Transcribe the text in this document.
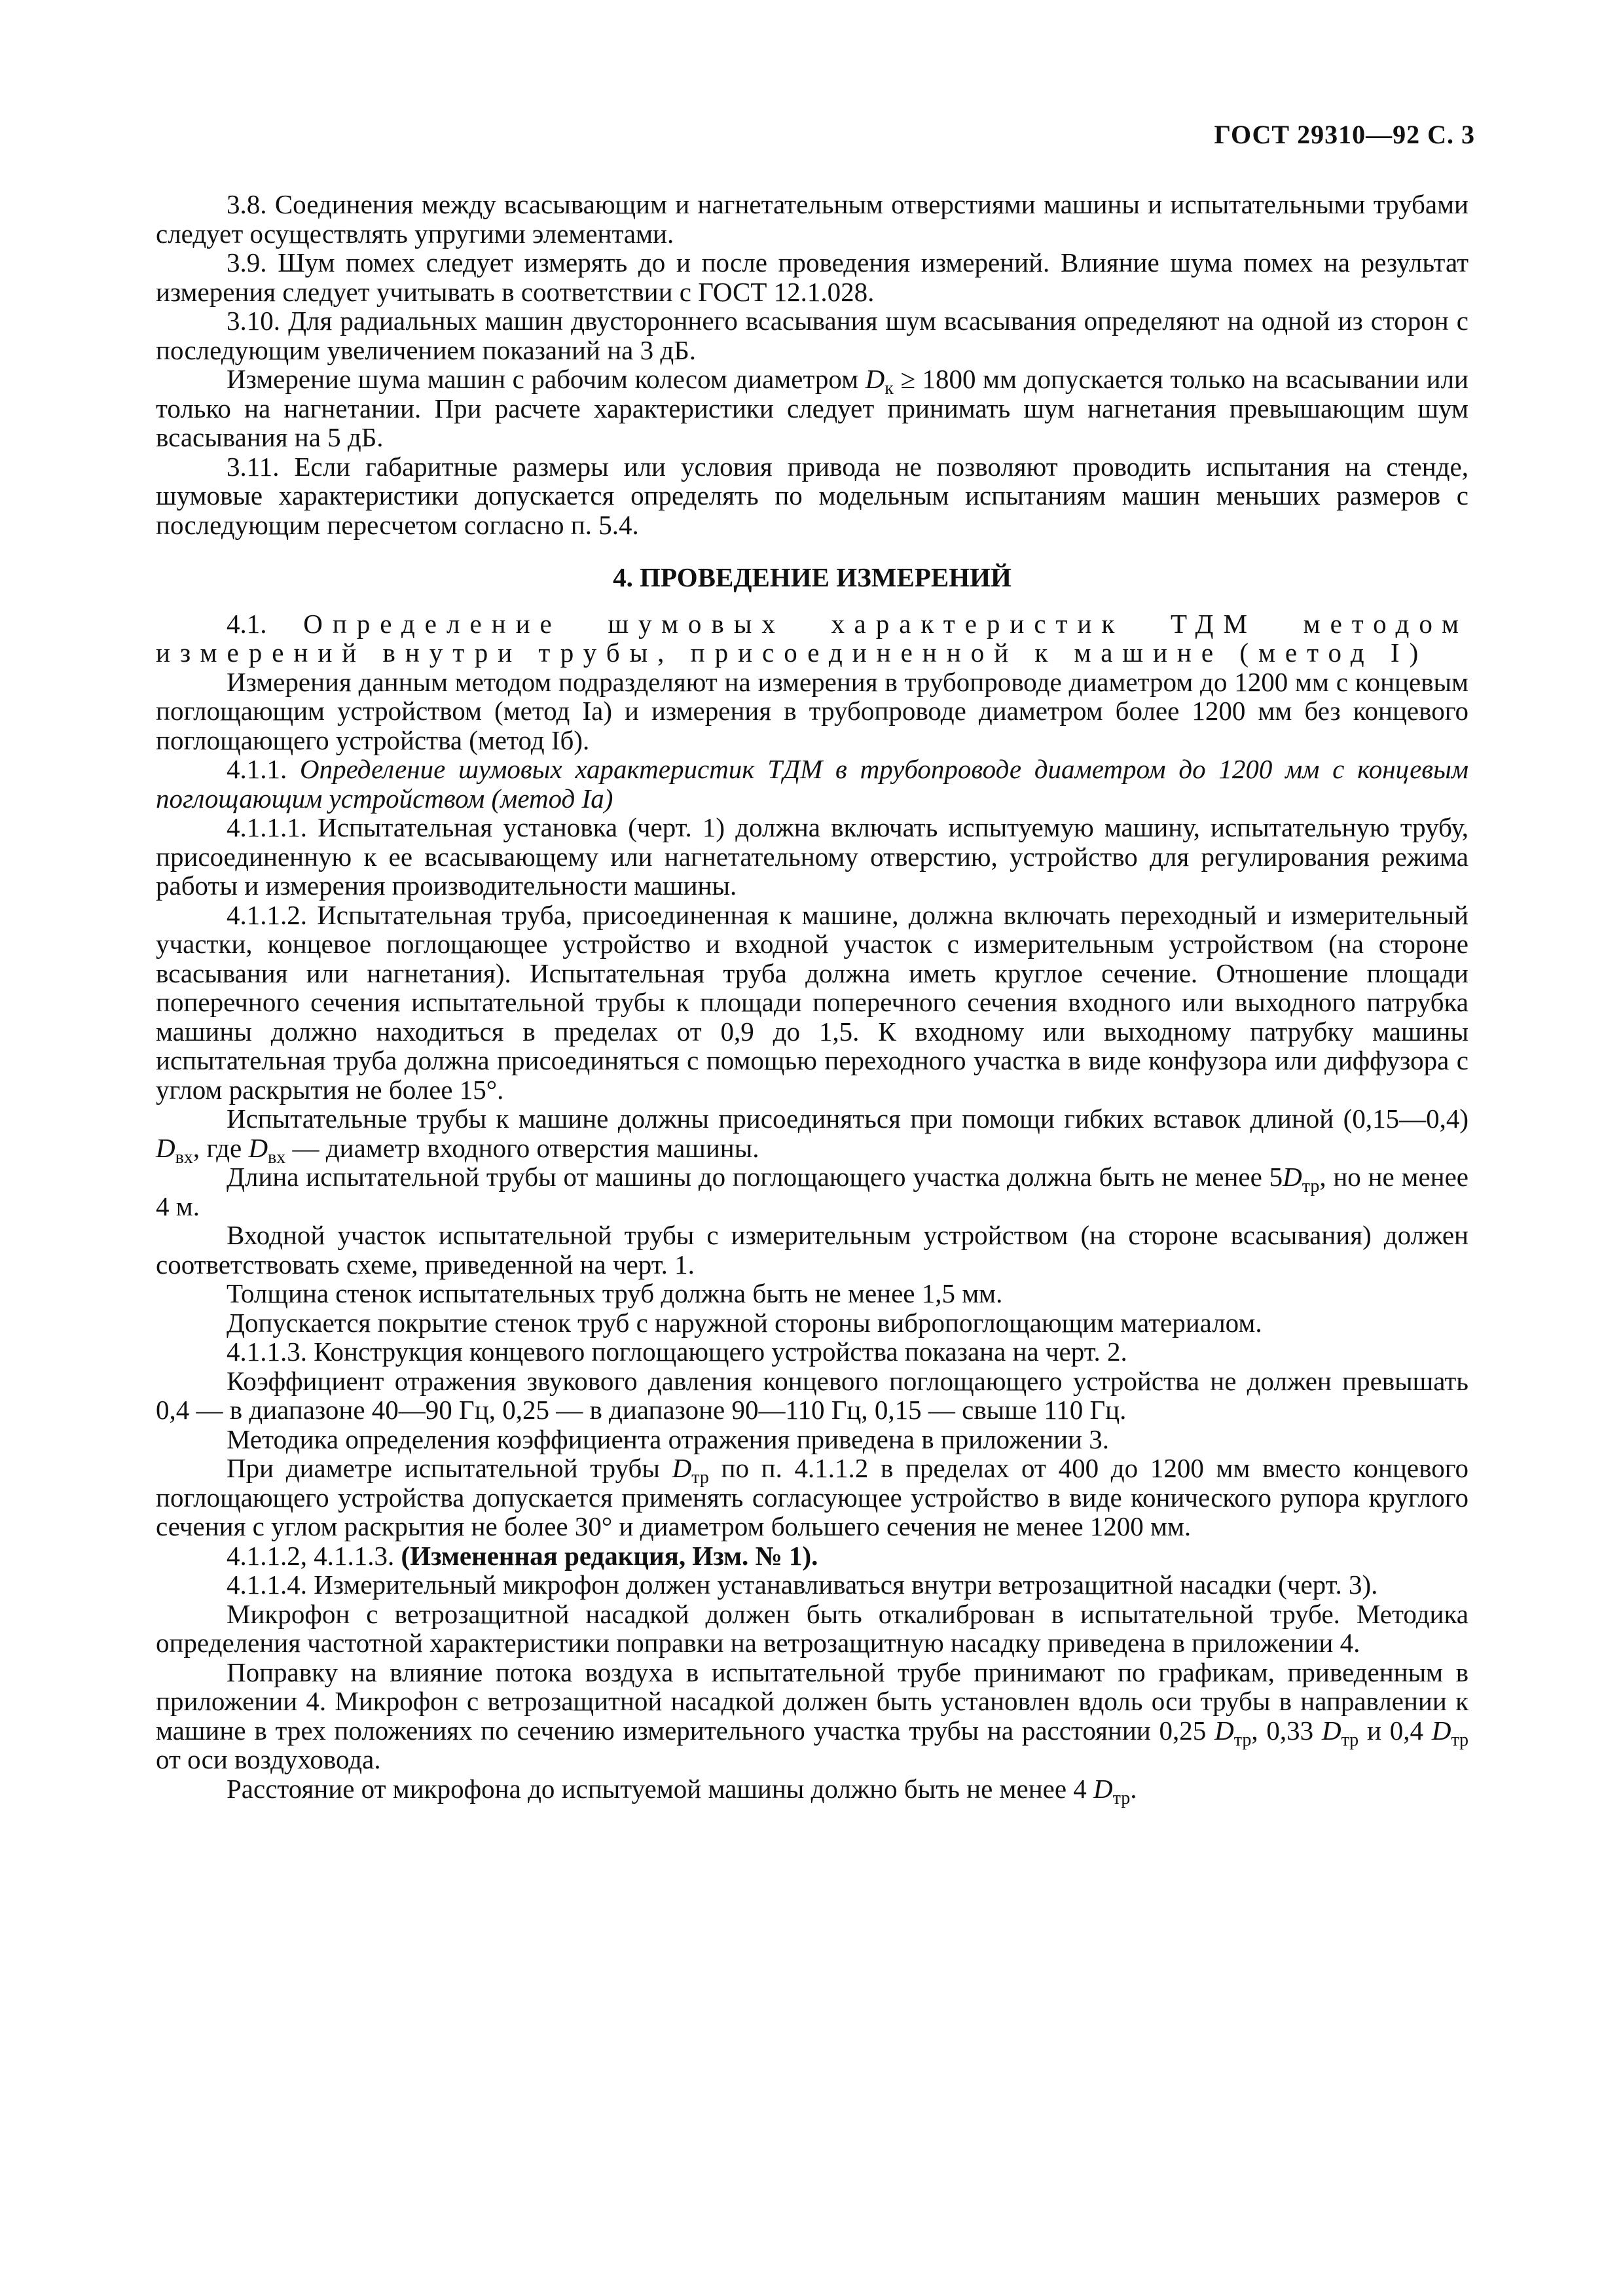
ГОСТ 29310—92 С. 3

3.8. Соединения между всасывающим и нагнетательным отверстиями машины и испытательными трубами следует осуществлять упругими элементами.

3.9. Шум помех следует измерять до и после проведения измерений. Влияние шума помех на результат измерения следует учитывать в соответствии с ГОСТ 12.1.028.

3.10. Для радиальных машин двустороннего всасывания шум всасывания определяют на одной из сторон с последующим увеличением показаний на 3 дБ.

Измерение шума машин с рабочим колесом диаметром $D_к \ge 1800$ мм допускается только на всасывании или только на нагнетании. При расчете характеристики следует принимать шум нагнетания превышающим шум всасывания на 5 дБ.

3.11. Если габаритные размеры или условия привода не позволяют проводить испытания на стенде, шумовые характеристики допускается определять по модельным испытаниям машин меньших размеров с последующим пересчетом согласно п. 5.4.

4. ПРОВЕДЕНИЕ ИЗМЕРЕНИЙ

4.1. Определение шумовых характеристик ТДМ методом измерений внутри трубы, присоединенной к машине (метод I)

Измерения данным методом подразделяют на измерения в трубопроводе диаметром до 1200 мм с концевым поглощающим устройством (метод Ia) и измерения в трубопроводе диаметром более 1200 мм без концевого поглощающего устройства (метод Iб).

4.1.1. Определение шумовых характеристик ТДМ в трубопроводе диаметром до 1200 мм с концевым поглощающим устройством (метод Ia)

4.1.1.1. Испытательная установка (черт. 1) должна включать испытуемую машину, испытательную трубу, присоединенную к ее всасывающему или нагнетательному отверстию, устройство для регулирования режима работы и измерения производительности машины.

4.1.1.2. Испытательная труба, присоединенная к машине, должна включать переходный и измерительный участки, концевое поглощающее устройство и входной участок с измерительным устройством (на стороне всасывания или нагнетания). Испытательная труба должна иметь круглое сечение. Отношение площади поперечного сечения испытательной трубы к площади поперечного сечения входного или выходного патрубка машины должно находиться в пределах от 0,9 до 1,5. К входному или выходному патрубку машины испытательная труба должна присоединяться с помощью переходного участка в виде конфузора или диффузора с углом раскрытия не более 15°.

Испытательные трубы к машине должны присоединяться при помощи гибких вставок длиной (0,15—0,4) $D_{вх}$, где $D_{вх}$ — диаметр входного отверстия машины.

Длина испытательной трубы от машины до поглощающего участка должна быть не менее $5D_{тр}$, но не менее 4 м.

Входной участок испытательной трубы с измерительным устройством (на стороне всасывания) должен соответствовать схеме, приведенной на черт. 1.

Толщина стенок испытательных труб должна быть не менее 1,5 мм.

Допускается покрытие стенок труб с наружной стороны вибропоглощающим материалом.

4.1.1.3. Конструкция концевого поглощающего устройства показана на черт. 2.

Коэффициент отражения звукового давления концевого поглощающего устройства не должен превышать 0,4 — в диапазоне 40—90 Гц, 0,25 — в диапазоне 90—110 Гц, 0,15 — свыше 110 Гц.

Методика определения коэффициента отражения приведена в приложении 3.

При диаметре испытательной трубы $D_{тр}$ по п. 4.1.1.2 в пределах от 400 до 1200 мм вместо концевого поглощающего устройства допускается применять согласующее устройство в виде конического рупора круглого сечения с углом раскрытия не более 30° и диаметром большего сечения не менее 1200 мм.

4.1.1.2, 4.1.1.3. (Измененная редакция, Изм. № 1).

4.1.1.4. Измерительный микрофон должен устанавливаться внутри ветрозащитной насадки (черт. 3).

Микрофон с ветрозащитной насадкой должен быть откалиброван в испытательной трубе. Методика определения частотной характеристики поправки на ветрозащитную насадку приведена в приложении 4.

Поправку на влияние потока воздуха в испытательной трубе принимают по графикам, приведенным в приложении 4. Микрофон с ветрозащитной насадкой должен быть установлен вдоль оси трубы в направлении к машине в трех положениях по сечению измерительного участка трубы на расстоянии 0,25 $D_{тр}$, 0,33 $D_{тр}$ и 0,4 $D_{тр}$ от оси воздуховода.

Расстояние от микрофона до испытуемой машины должно быть не менее 4 $D_{тр}$.
